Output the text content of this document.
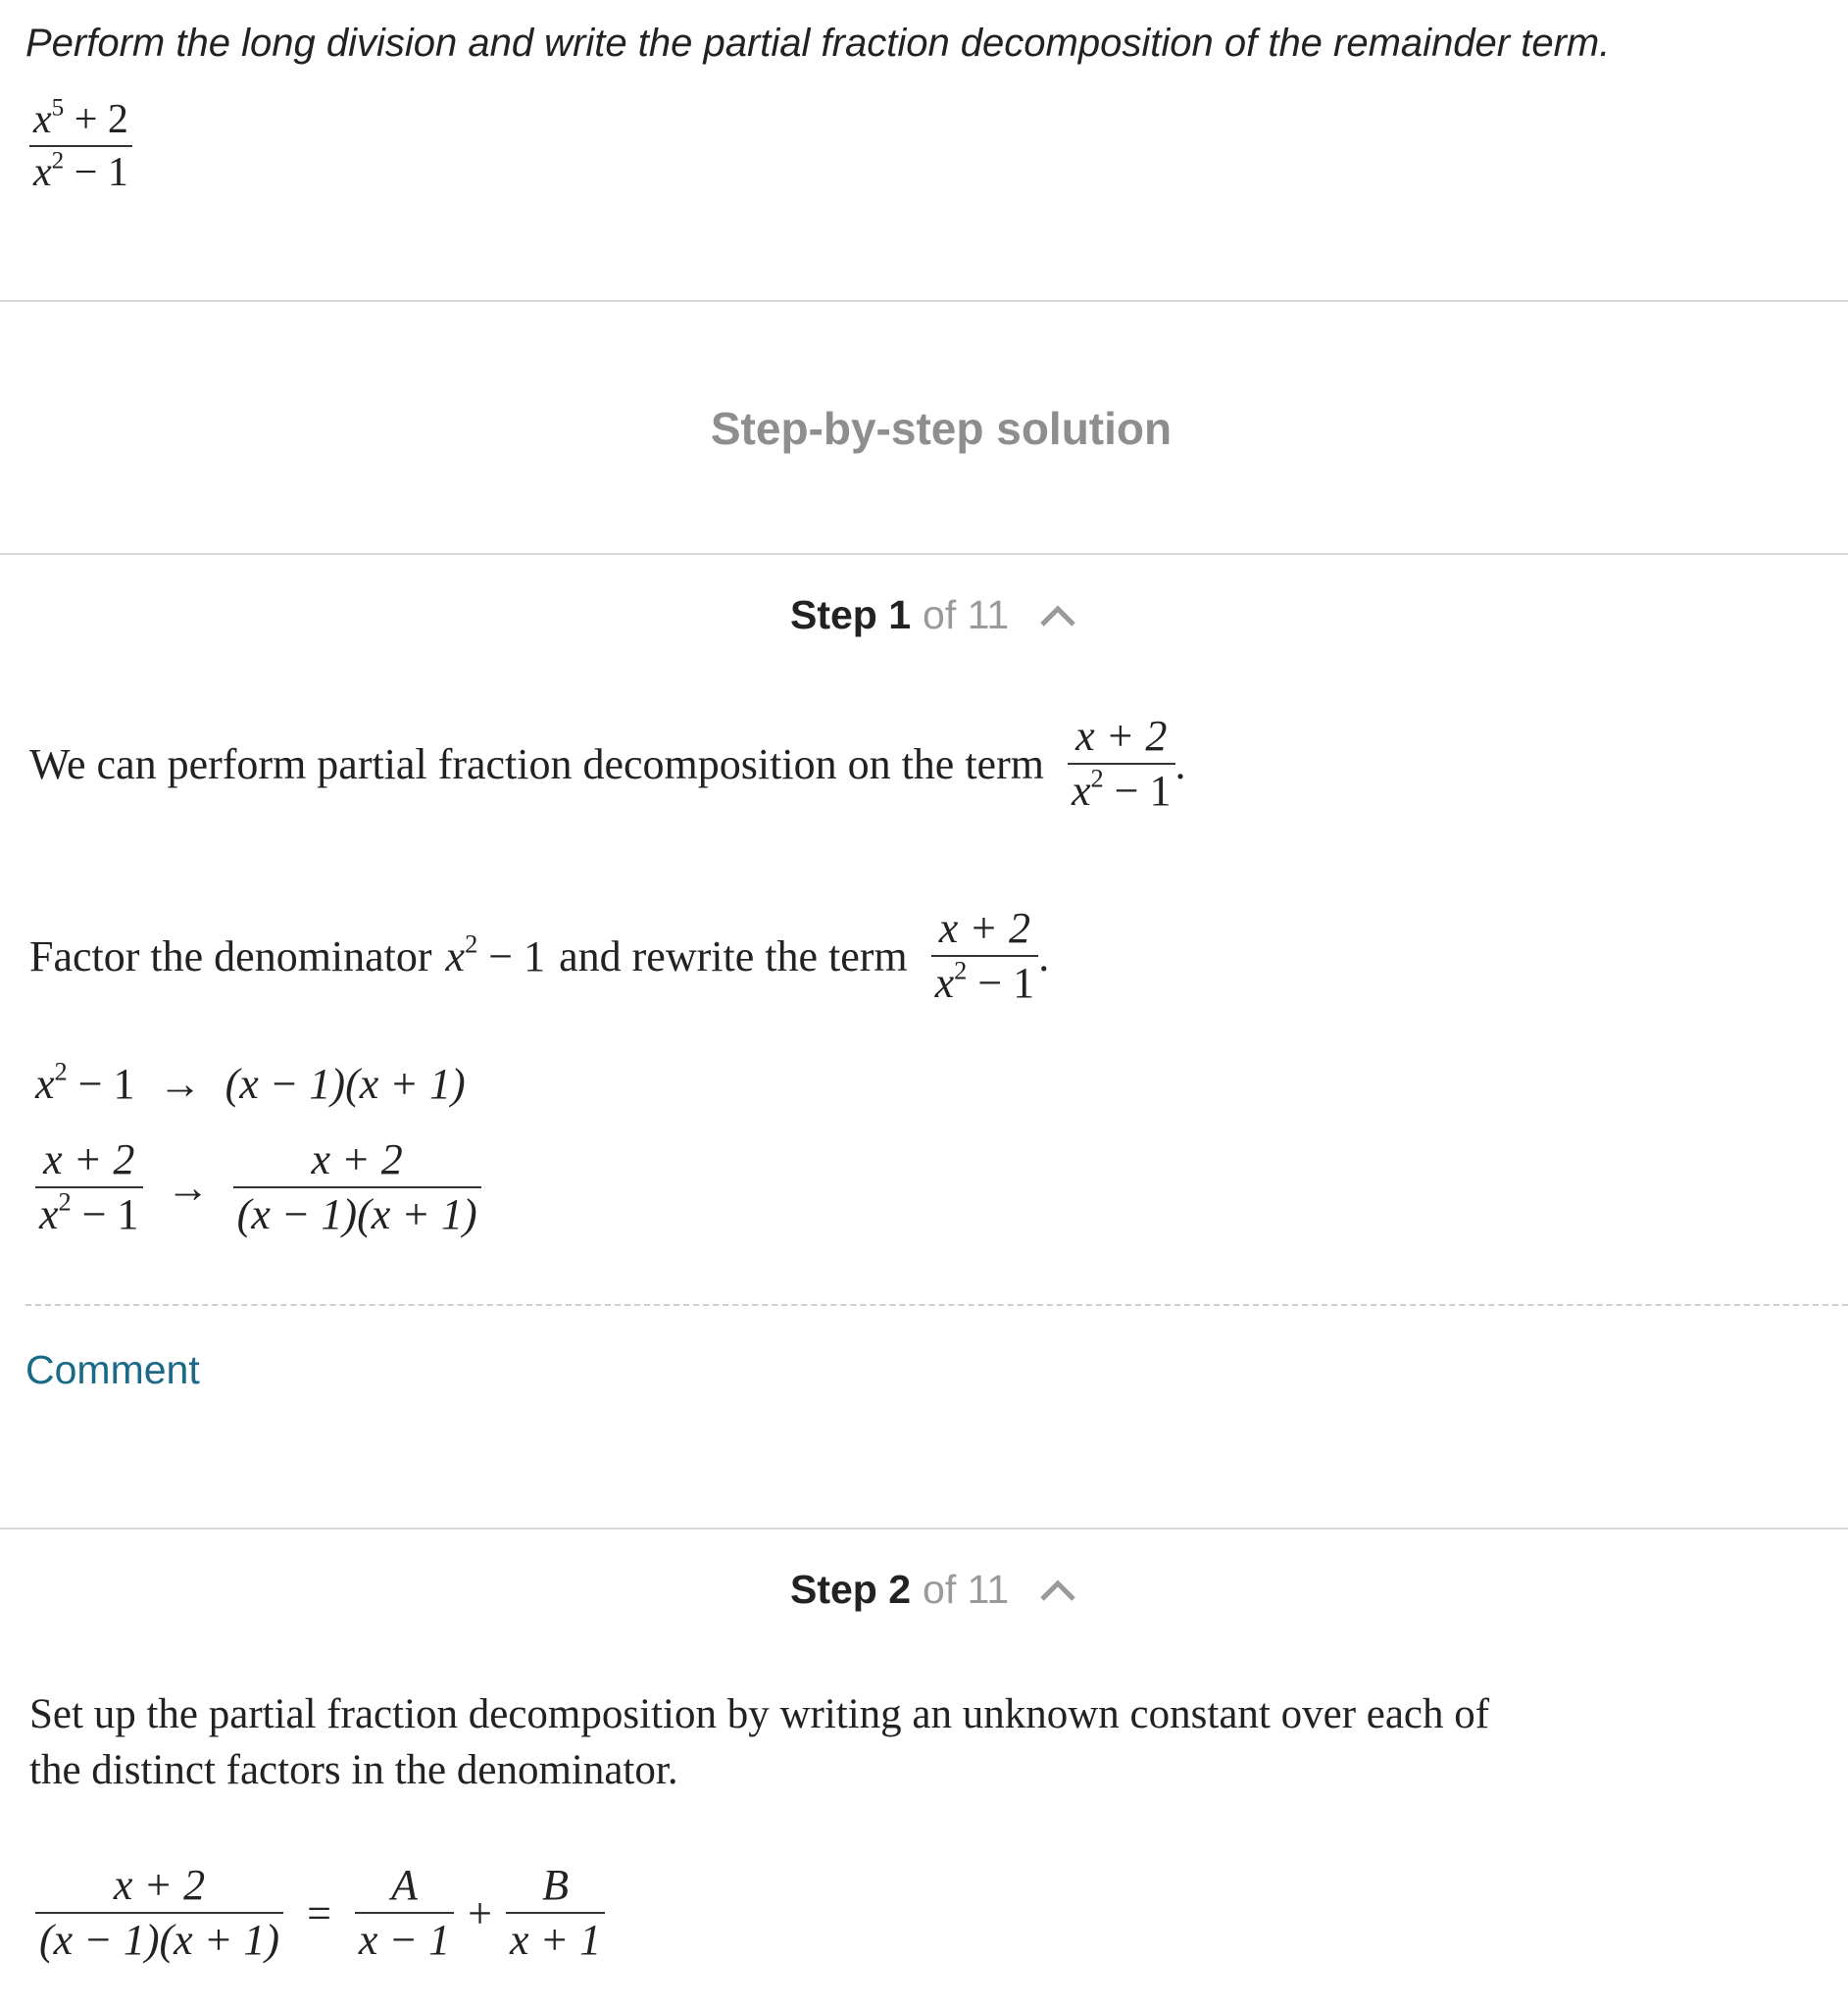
Perform the long division and write the partial fraction decomposition of the remainder term.
$\frac{x^5 + 2}{x^2 - 1}$
Step-by-step solution
Step 1 of 11
We can perform partial fraction decomposition on the term $\frac{x + 2}{x^2 - 1}$ .
Factor the denominator $x^2 - 1$ and rewrite the term $\frac{x + 2}{x^2 - 1}$ .
$x^2 - 1 \to (x - 1)(x + 1)$
$\frac{x + 2}{x^2 - 1} \to \frac{x + 2}{(x - 1)(x + 1)}$
Comment
Step 2 of 11
Set up the partial fraction decomposition by writing an unknown constant over each of
the distinct factors in the denominator.
$\frac{x + 2}{(x - 1)(x + 1)} = \frac{A}{x - 1} + \frac{B}{x + 1}$
